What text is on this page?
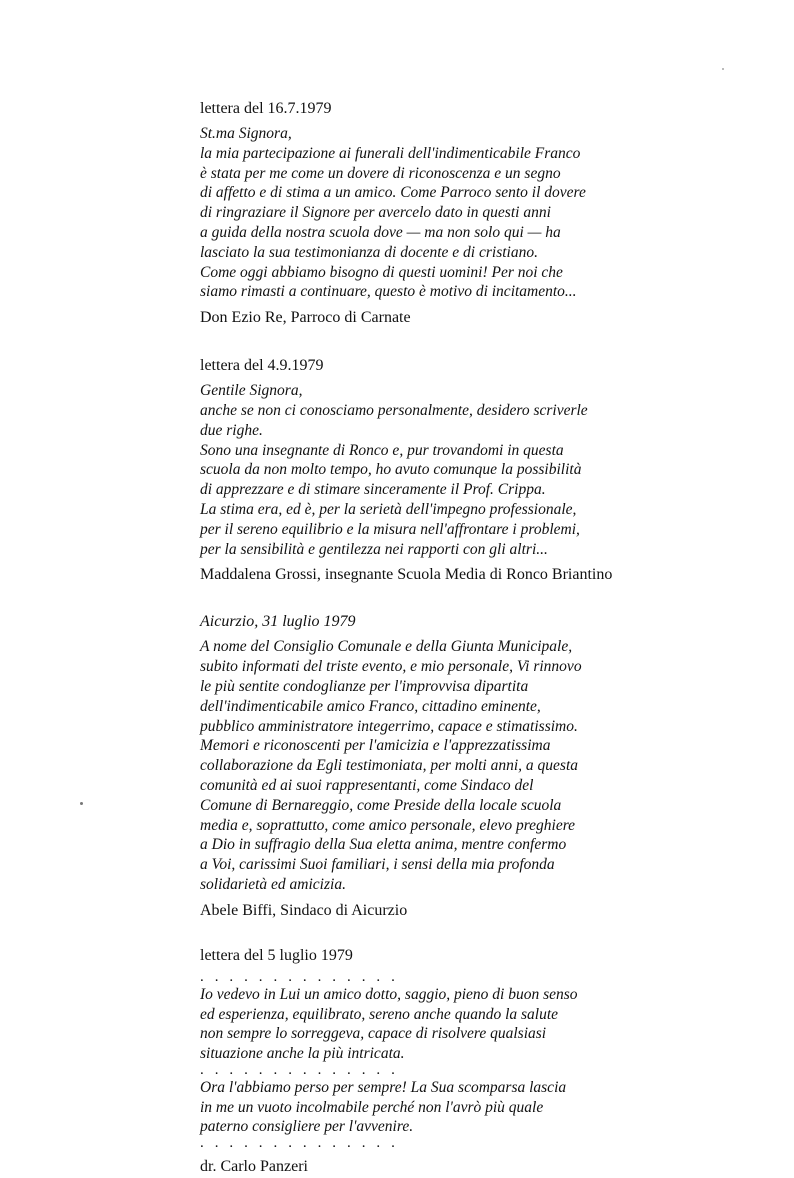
lettera del 16.7.1979

St.ma Signora,

la mia partecipazione ai funerali dell'indimenticabile Franco

è stata per me come un dovere di riconoscenza e un segno

di affetto e di stima a un amico. Come Parroco sento il dovere

di ringraziare il Signore per avercelo dato in questi anni

a guida della nostra scuola dove — ma non solo qui — ha

lasciato la sua testimonianza di docente e di cristiano.

Come oggi abbiamo bisogno di questi uomini! Per noi che

siamo rimasti a continuare, questo è motivo di incitamento...

Don Ezio Re, Parroco di Carnate

lettera del 4.9.1979

Gentile Signora,

anche se non ci conosciamo personalmente, desidero scriverle

due righe.

Sono una insegnante di Ronco e, pur trovandomi in questa

scuola da non molto tempo, ho avuto comunque la possibilità

di apprezzare e di stimare sinceramente il Prof. Crippa.

La stima era, ed è, per la serietà dell'impegno professionale,

per il sereno equilibrio e la misura nell'affrontare i problemi,

per la sensibilità e gentilezza nei rapporti con gli altri...

Maddalena Grossi, insegnante Scuola Media di Ronco Briantino

Aicurzio, 31 luglio 1979

A nome del Consiglio Comunale e della Giunta Municipale,

subito informati del triste evento, e mio personale, Vi rinnovo

le più sentite condoglianze per l'improvvisa dipartita

dell'indimenticabile amico Franco, cittadino eminente,

pubblico amministratore integerrimo, capace e stimatissimo.

Memori e riconoscenti per l'amicizia e l'apprezzatissima

collaborazione da Egli testimoniata, per molti anni, a questa

comunità ed ai suoi rappresentanti, come Sindaco del

Comune di Bernareggio, come Preside della locale scuola

media e, soprattutto, come amico personale, elevo preghiere

a Dio in suffragio della Sua eletta anima, mentre confermo

a Voi, carissimi Suoi familiari, i sensi della mia profonda

solidarietà ed amicizia.

Abele Biffi, Sindaco di Aicurzio

lettera del 5 luglio 1979

. . . . . . . . . . . . . .

Io vedevo in Lui un amico dotto, saggio, pieno di buon senso

ed esperienza, equilibrato, sereno anche quando la salute

non sempre lo sorreggeva, capace di risolvere qualsiasi

situazione anche la più intricata.

. . . . . . . . . . . . . .

Ora l'abbiamo perso per sempre! La Sua scomparsa lascia

in me un vuoto incolmabile perché non l'avrò più quale

paterno consigliere per l'avvenire.

. . . . . . . . . . . . . .

dr. Carlo Panzeri
